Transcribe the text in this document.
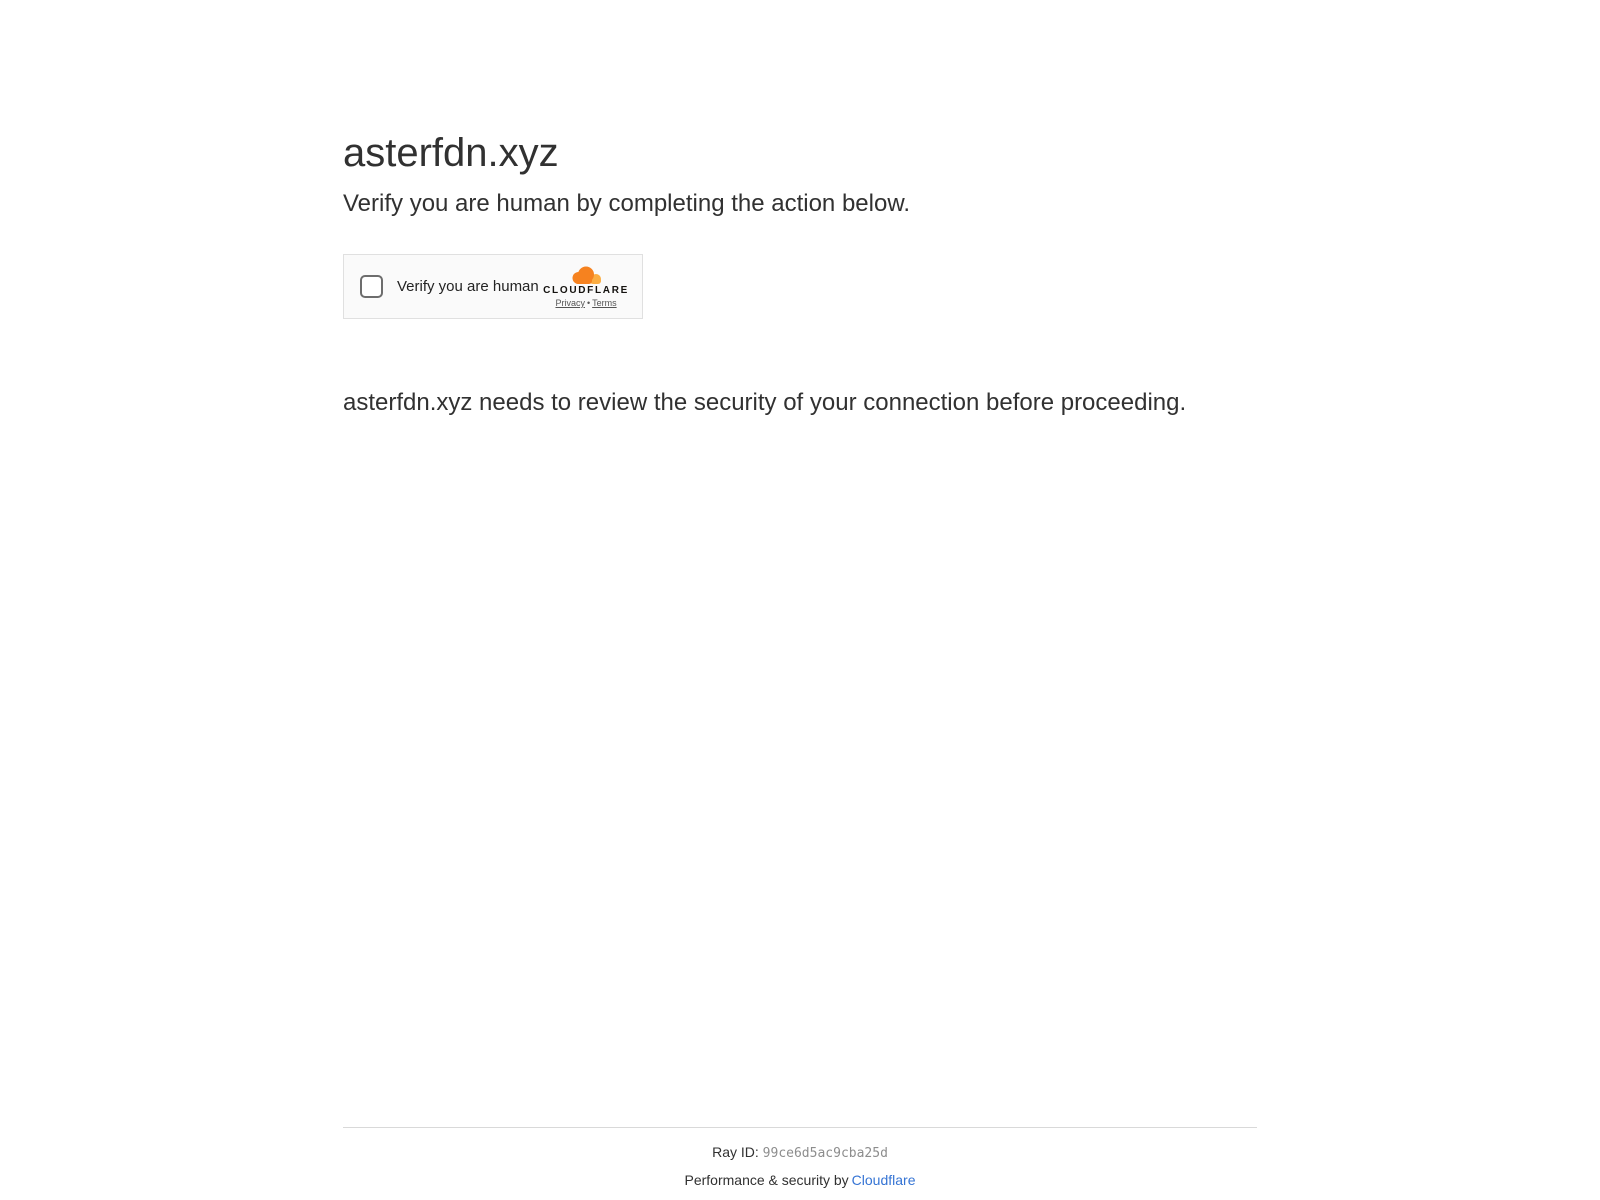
asterfdn.xyz

Verify you are human by completing the action below.

Verify you are human CLOUDFLARE
Privacy • Terms

asterfdn.xyz needs to review the security of your connection before proceeding.

Ray ID: 99ce6d5ac9cba25d
Performance & security by Cloudflare
